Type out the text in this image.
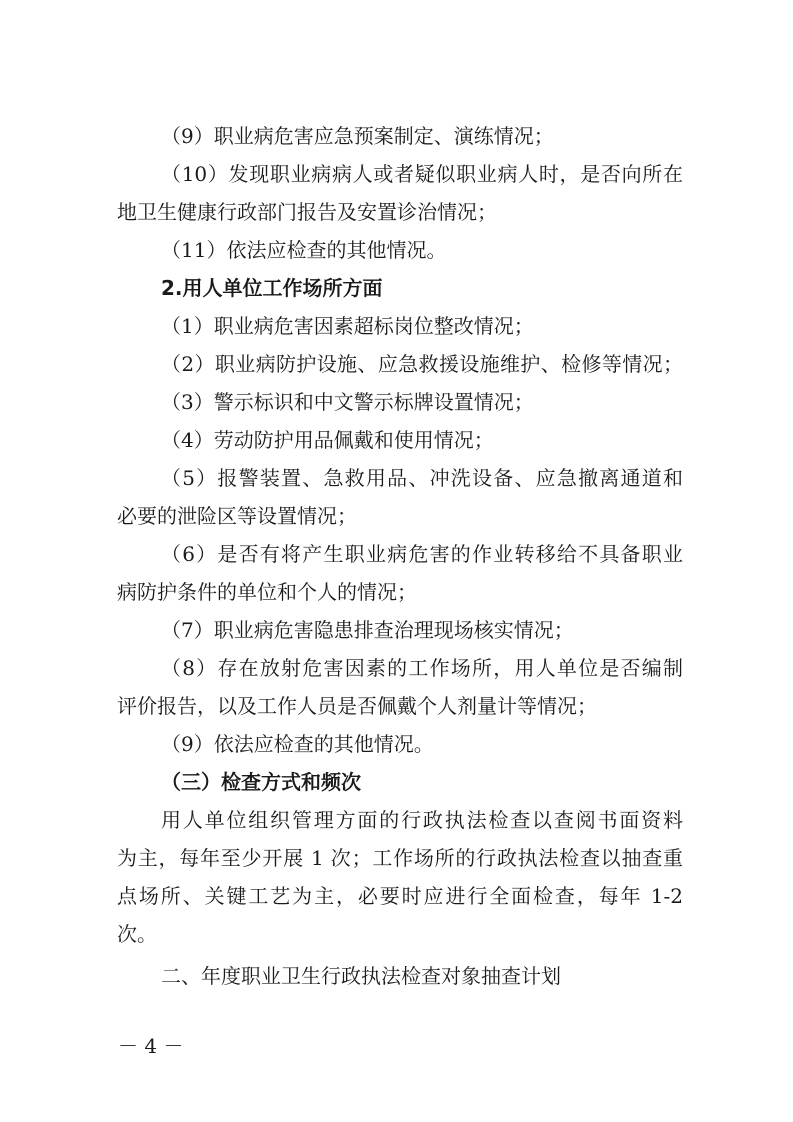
（9）职业病危害应急预案制定、演练情况；

（10）发现职业病病人或者疑似职业病人时，是否向所在

地卫生健康行政部门报告及安置诊治情况；

（11）依法应检查的其他情况。

2.用人单位工作场所方面

（1）职业病危害因素超标岗位整改情况；

（2）职业病防护设施、应急救援设施维护、检修等情况；

（3）警示标识和中文警示标牌设置情况；

（4）劳动防护用品佩戴和使用情况；

（5）报警装置、急救用品、冲洗设备、应急撤离通道和

必要的泄险区等设置情况；

（6）是否有将产生职业病危害的作业转移给不具备职业

病防护条件的单位和个人的情况；

（7）职业病危害隐患排查治理现场核实情况；

（8）存在放射危害因素的工作场所，用人单位是否编制

评价报告，以及工作人员是否佩戴个人剂量计等情况；

（9）依法应检查的其他情况。

（三）检查方式和频次

用人单位组织管理方面的行政执法检查以查阅书面资料

为主，每年至少开展 1 次；工作场所的行政执法检查以抽查重

点场所、关键工艺为主，必要时应进行全面检查，每年 1-2

次。

二、年度职业卫生行政执法检查对象抽查计划

－ 4 －
